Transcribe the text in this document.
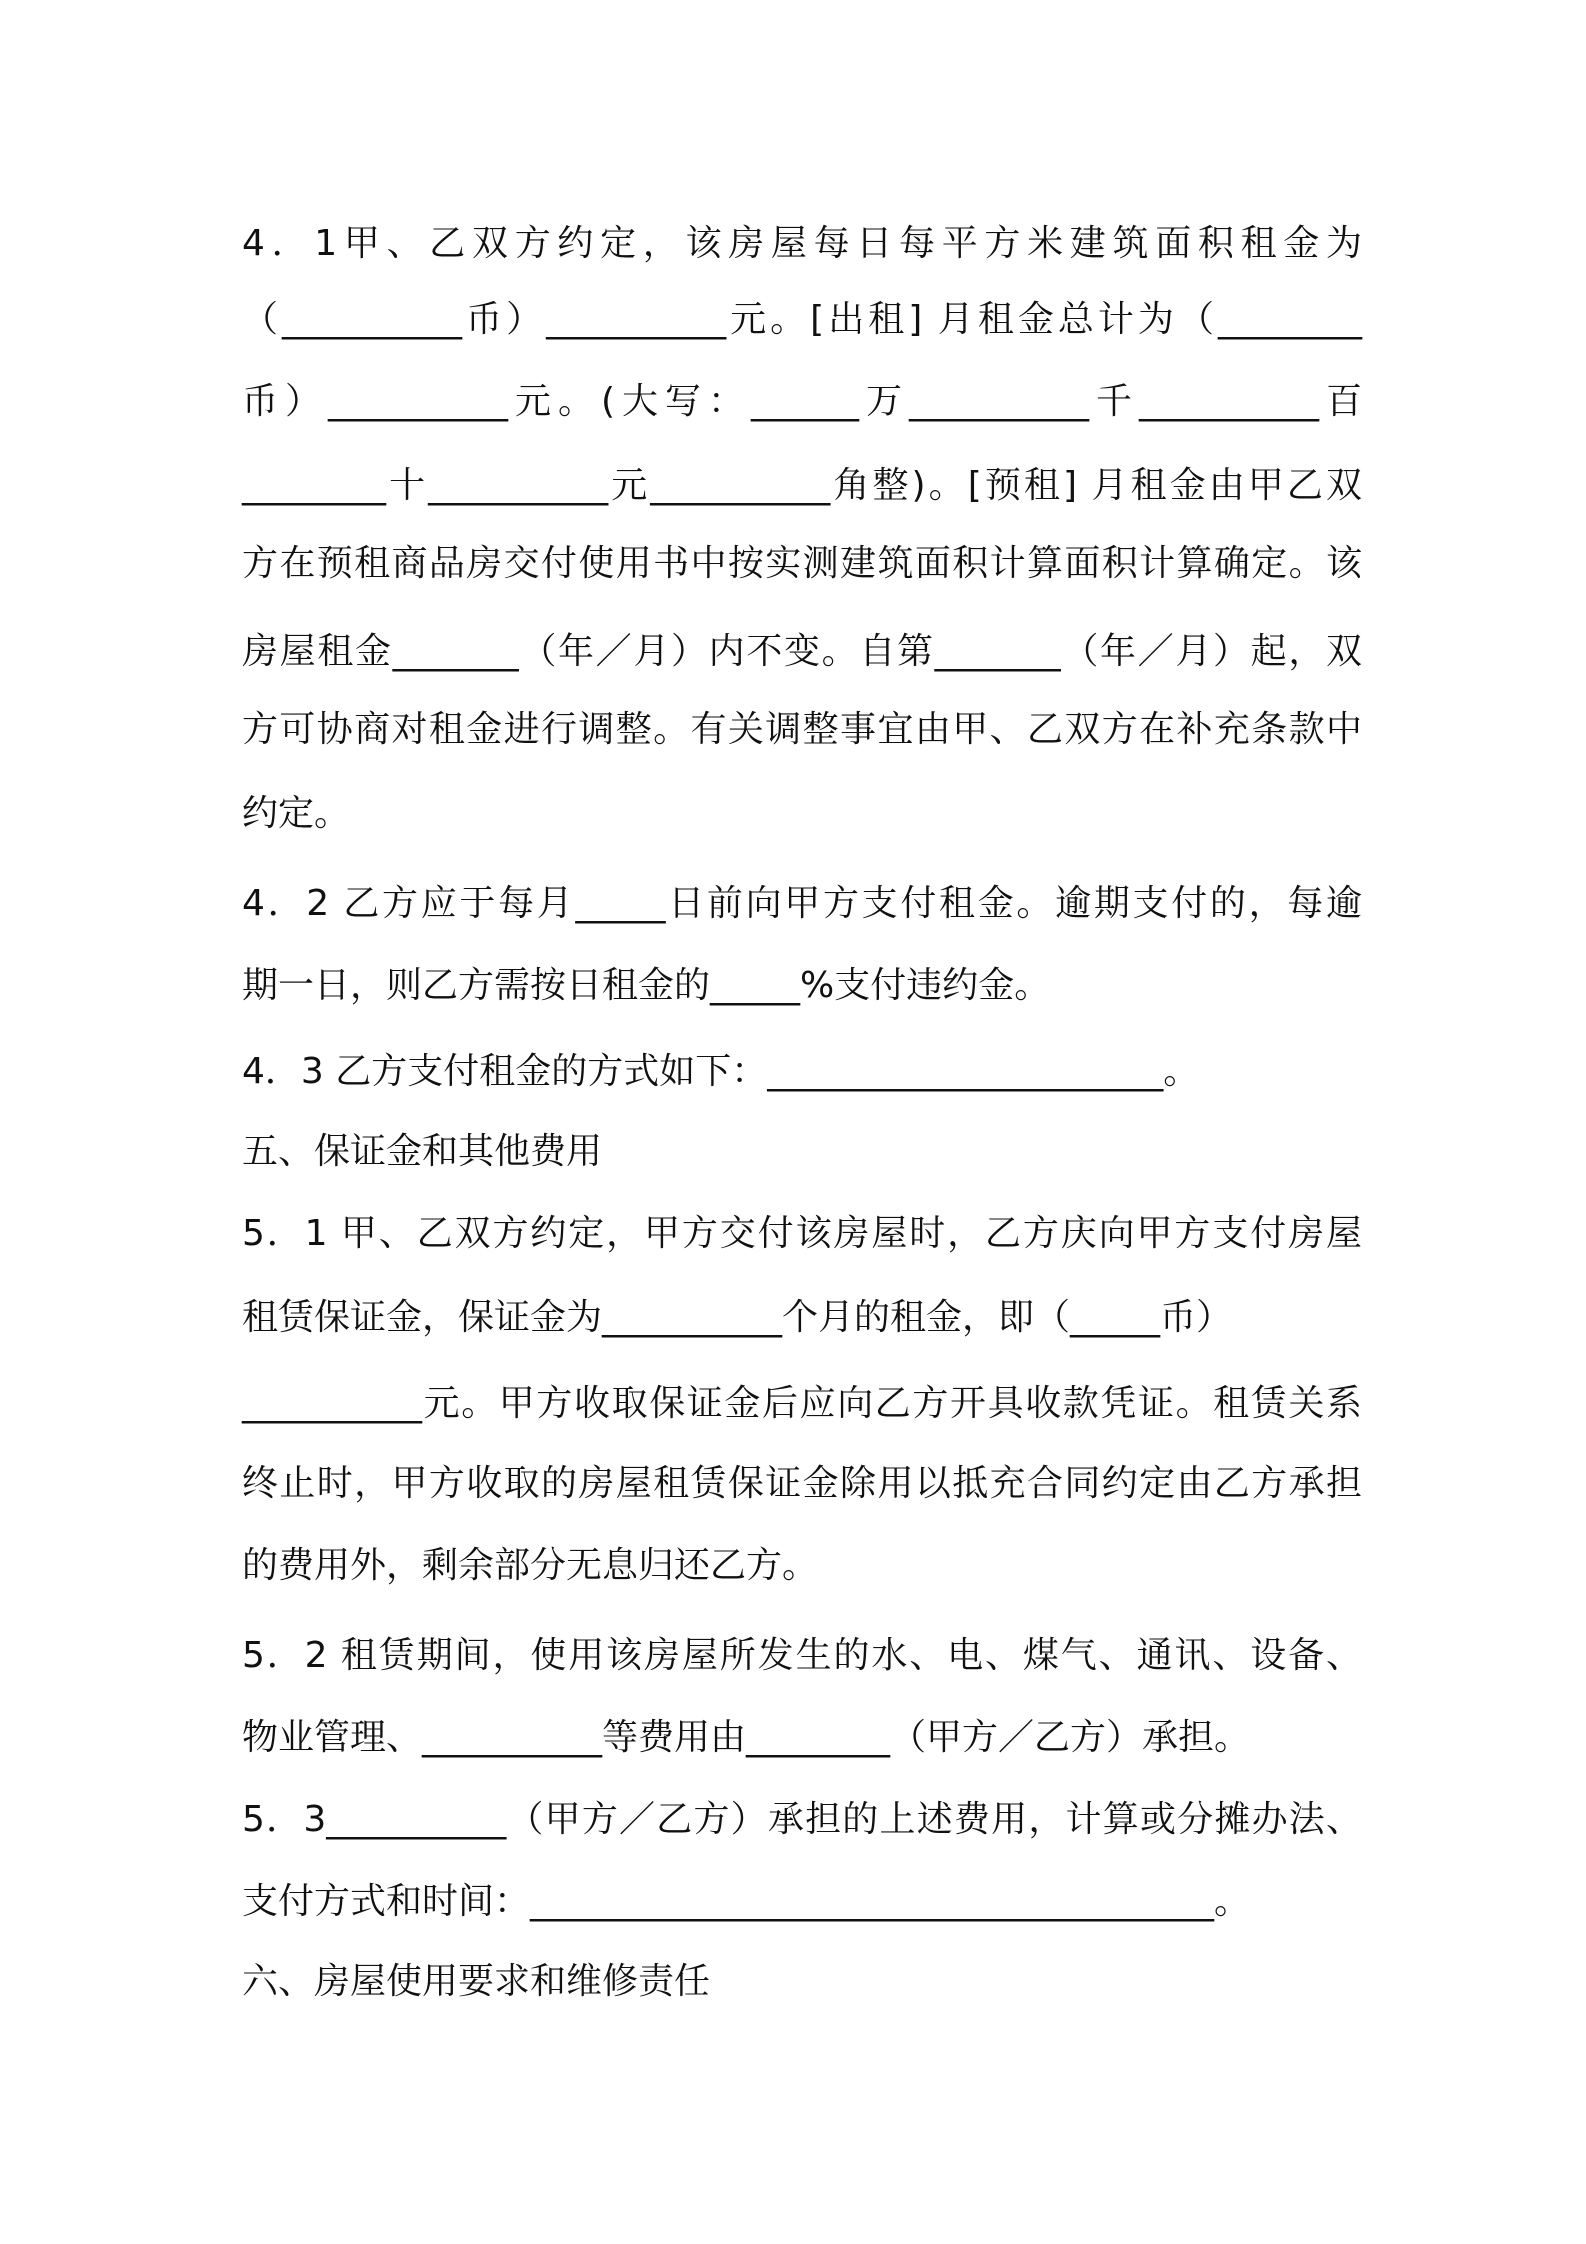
4．1甲、乙双方约定，该房屋每日每平方米建筑面积租金为
（__________币）__________元。[出租] 月租金总计为（________
币）__________元。(大写：______万__________千__________百
________十__________元__________角整)。[预租] 月租金由甲乙双
方在预租商品房交付使用书中按实测建筑面积计算面积计算确定。该
房屋租金_______（年／月）内不变。自第_______（年／月）起，双
方可协商对租金进行调整。有关调整事宜由甲、乙双方在补充条款中
约定。
4．2 乙方应于每月_____日前向甲方支付租金。逾期支付的，每逾
期一日，则乙方需按日租金的_____%支付违约金。
4．3 乙方支付租金的方式如下：______________________。
五、保证金和其他费用
5．1 甲、乙双方约定，甲方交付该房屋时，乙方庆向甲方支付房屋
租赁保证金，保证金为__________个月的租金，即（_____币）
__________元。甲方收取保证金后应向乙方开具收款凭证。租赁关系
终止时，甲方收取的房屋租赁保证金除用以抵充合同约定由乙方承担
的费用外，剩余部分无息归还乙方。
5．2 租赁期间，使用该房屋所发生的水、电、煤气、通讯、设备、
物业管理、__________等费用由________（甲方／乙方）承担。
5．3__________（甲方／乙方）承担的上述费用，计算或分摊办法、
支付方式和时间：______________________________________。
六、房屋使用要求和维修责任
